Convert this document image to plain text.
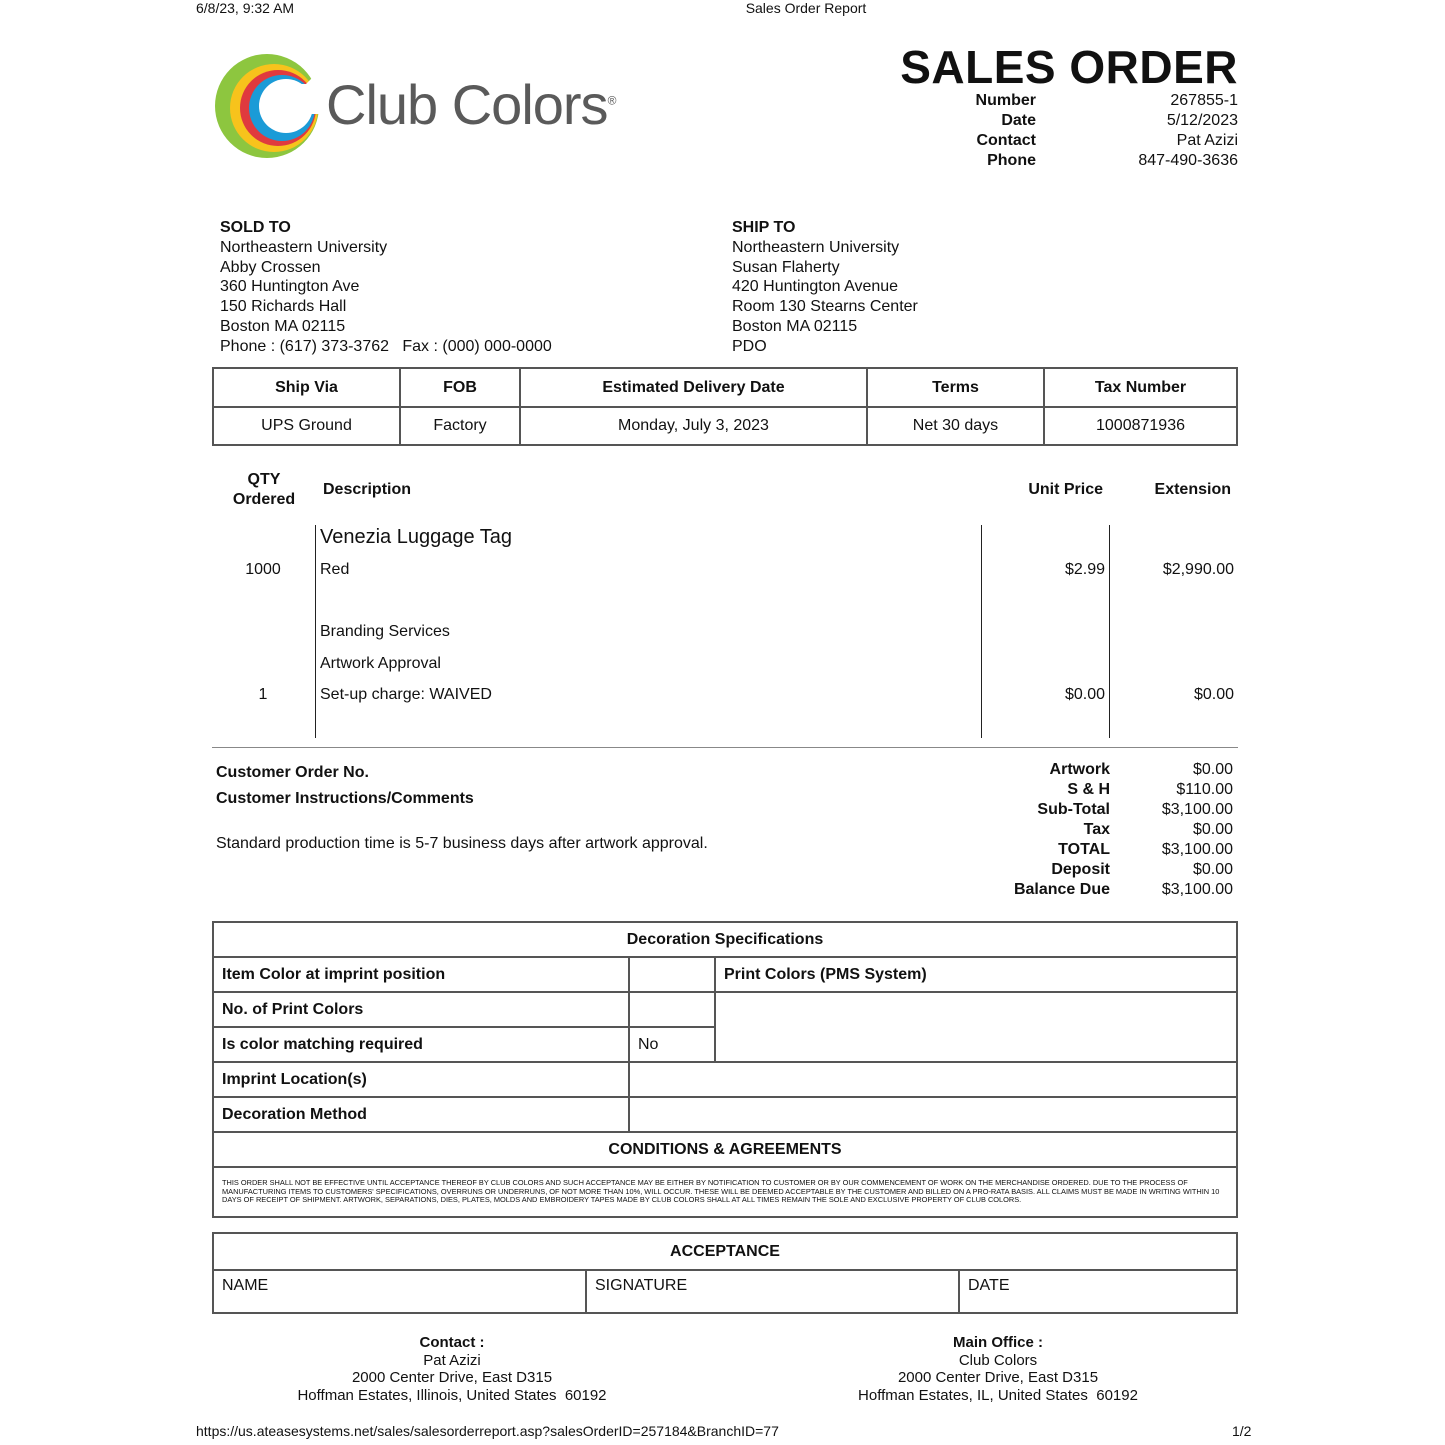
6/8/23, 9:32 AM	Sales Order Report
Club Colors®
SALES ORDER
Number	267855-1
Date	5/12/2023
Contact	Pat Azizi
Phone	847-490-3636
SOLD TO
Northeastern University
Abby Crossen
360 Huntington Ave
150 Richards Hall
Boston MA 02115
Phone : (617) 373-3762   Fax : (000) 000-0000
SHIP TO
Northeastern University
Susan Flaherty
420 Huntington Avenue
Room 130 Stearns Center
Boston MA 02115
PDO
Ship Via	FOB	Estimated Delivery Date	Terms	Tax Number
UPS Ground	Factory	Monday, July 3, 2023	Net 30 days	1000871936
QTY
Ordered
Description	Unit Price	Extension
Venezia Luggage Tag
1000	Red	$2.99	$2,990.00
Branding Services
Artwork Approval
1	Set-up charge: WAIVED	$0.00	$0.00
Customer Order No.
Customer Instructions/Comments
Standard production time is 5-7 business days after artwork approval.
Artwork	$0.00
S & H	$110.00
Sub-Total	$3,100.00
Tax	$0.00
TOTAL	$3,100.00
Deposit	$0.00
Balance Due	$3,100.00
Decoration Specifications		
Item Color at imprint position		Print Colors (PMS System)
No. of Print Colors		
Is color matching required	No	
Imprint Location(s)		
Decoration Method		
CONDITIONS & AGREEMENTS		
THIS ORDER SHALL NOT BE EFFECTIVE UNTIL ACCEPTANCE THEREOF BY CLUB COLORS AND SUCH ACCEPTANCE MAY BE EITHER BY NOTIFICATION TO CUSTOMER OR BY OUR COMMENCEMENT OF WORK ON THE MERCHANDISE ORDERED. DUE TO THE PROCESS OF MANUFACTURING ITEMS TO CUSTOMERS' SPECIFICATIONS, OVERRUNS OR UNDERRUNS, OF NOT MORE THAN 10%, WILL OCCUR. THESE WILL BE DEEMED ACCEPTABLE BY THE CUSTOMER AND BILLED ON A PRO-RATA BASIS. ALL CLAIMS MUST BE MADE IN WRITING WITHIN 10 DAYS OF RECEIPT OF SHIPMENT. ARTWORK, SEPARATIONS, DIES, PLATES, MOLDS AND EMBROIDERY TAPES MADE BY CLUB COLORS SHALL AT ALL TIMES REMAIN THE SOLE AND EXCLUSIVE PROPERTY OF CLUB COLORS.		
ACCEPTANCE
NAME	SIGNATURE	DATE
Contact :
Pat Azizi
2000 Center Drive, East D315
Hoffman Estates, Illinois, United States  60192
Main Office :
Club Colors
2000 Center Drive, East D315
Hoffman Estates, IL, United States  60192
https://us.ateasesystems.net/sales/salesorderreport.asp?salesOrderID=257184&BranchID=77	1/2
